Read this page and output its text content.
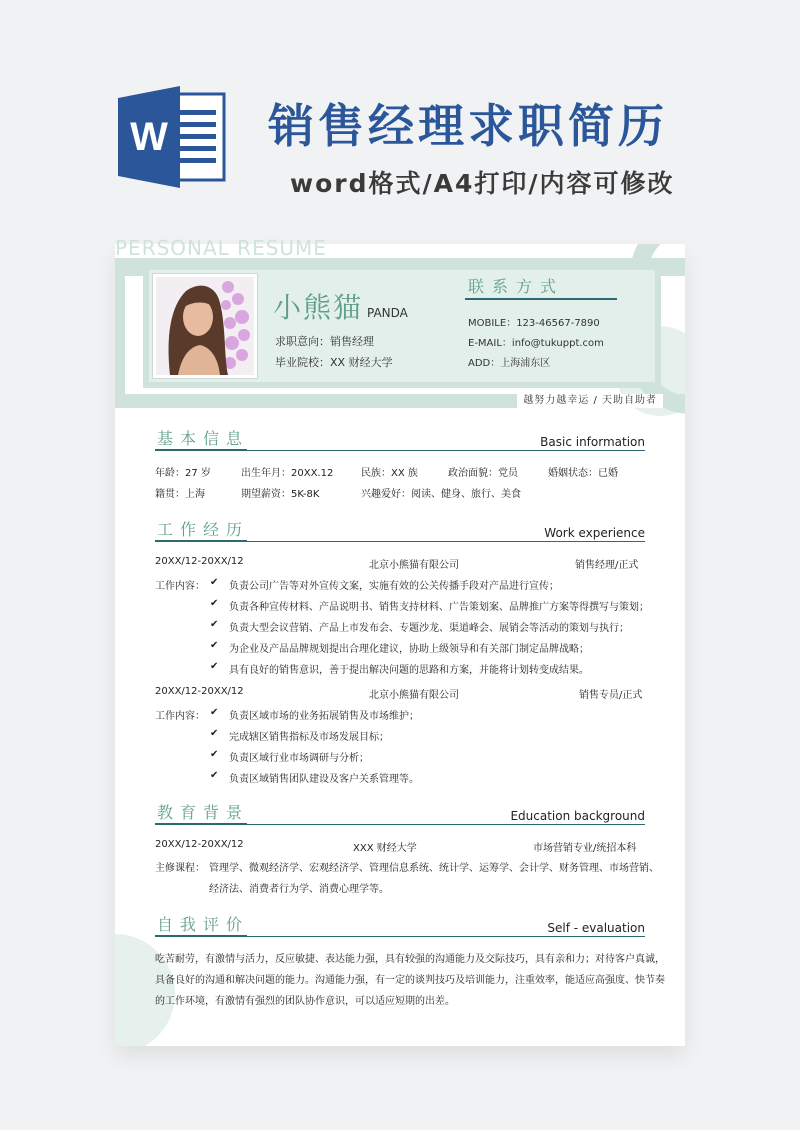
W 销售经理求职简历
word格式/A4打印/内容可修改
小熊猫 PANDA
求职意向：销售经理
毕业院校：XX 财经大学
联系方式
MOBILE：123-46567-7890
E-MAIL：info@tukuppt.com
ADD：上海浦东区
越努力越幸运 / 天助自助者
基本信息	Basic information
年龄：27 岁	出生年月：20XX.12	民族：XX 族	政治面貌：党员	婚姻状态：已婚
籍贯：上海	期望薪资：5K-8K	兴趣爱好：阅读、健身、旅行、美食
工作经历	Work experience
20XX/12-20XX/12	北京小熊猫有限公司	销售经理/正式
工作内容： ✔ 负责公司广告等对外宣传文案，实施有效的公关传播手段对产品进行宣传；
✔ 负责各种宣传材料、产品说明书、销售支持材料、广告策划案、品牌推广方案等得撰写与策划；
✔ 负责大型会议营销、产品上市发布会、专题沙龙、渠道峰会、展销会等活动的策划与执行；
✔ 为企业及产品品牌规划提出合理化建议，协助上级领导和有关部门制定品牌战略；
✔ 具有良好的销售意识，善于提出解决问题的思路和方案，并能将计划转变成结果。
20XX/12-20XX/12	北京小熊猫有限公司	销售专员/正式
工作内容： ✔ 负责区域市场的业务拓展销售及市场维护；
✔ 完成辖区销售指标及市场发展目标；
✔ 负责区域行业市场调研与分析；
✔ 负责区域销售团队建设及客户关系管理等。
教育背景	Education background
20XX/12-20XX/12	XXX 财经大学	市场营销专业/统招本科
主修课程： 管理学、微观经济学、宏观经济学、管理信息系统、统计学、运筹学、会计学、财务管理、市场营销、
经济法、消费者行为学、消费心理学等。
自我评价	Self - evaluation
吃苦耐劳，有激情与活力，反应敏捷、表达能力强，具有较强的沟通能力及交际技巧，具有亲和力；对待客户真诚，
具备良好的沟通和解决问题的能力。沟通能力强，有一定的谈判技巧及培训能力，注重效率，能适应高强度、快节奏
的工作环境，有激情有强烈的团队协作意识，可以适应短期的出差。
PERSONAL RESUME
